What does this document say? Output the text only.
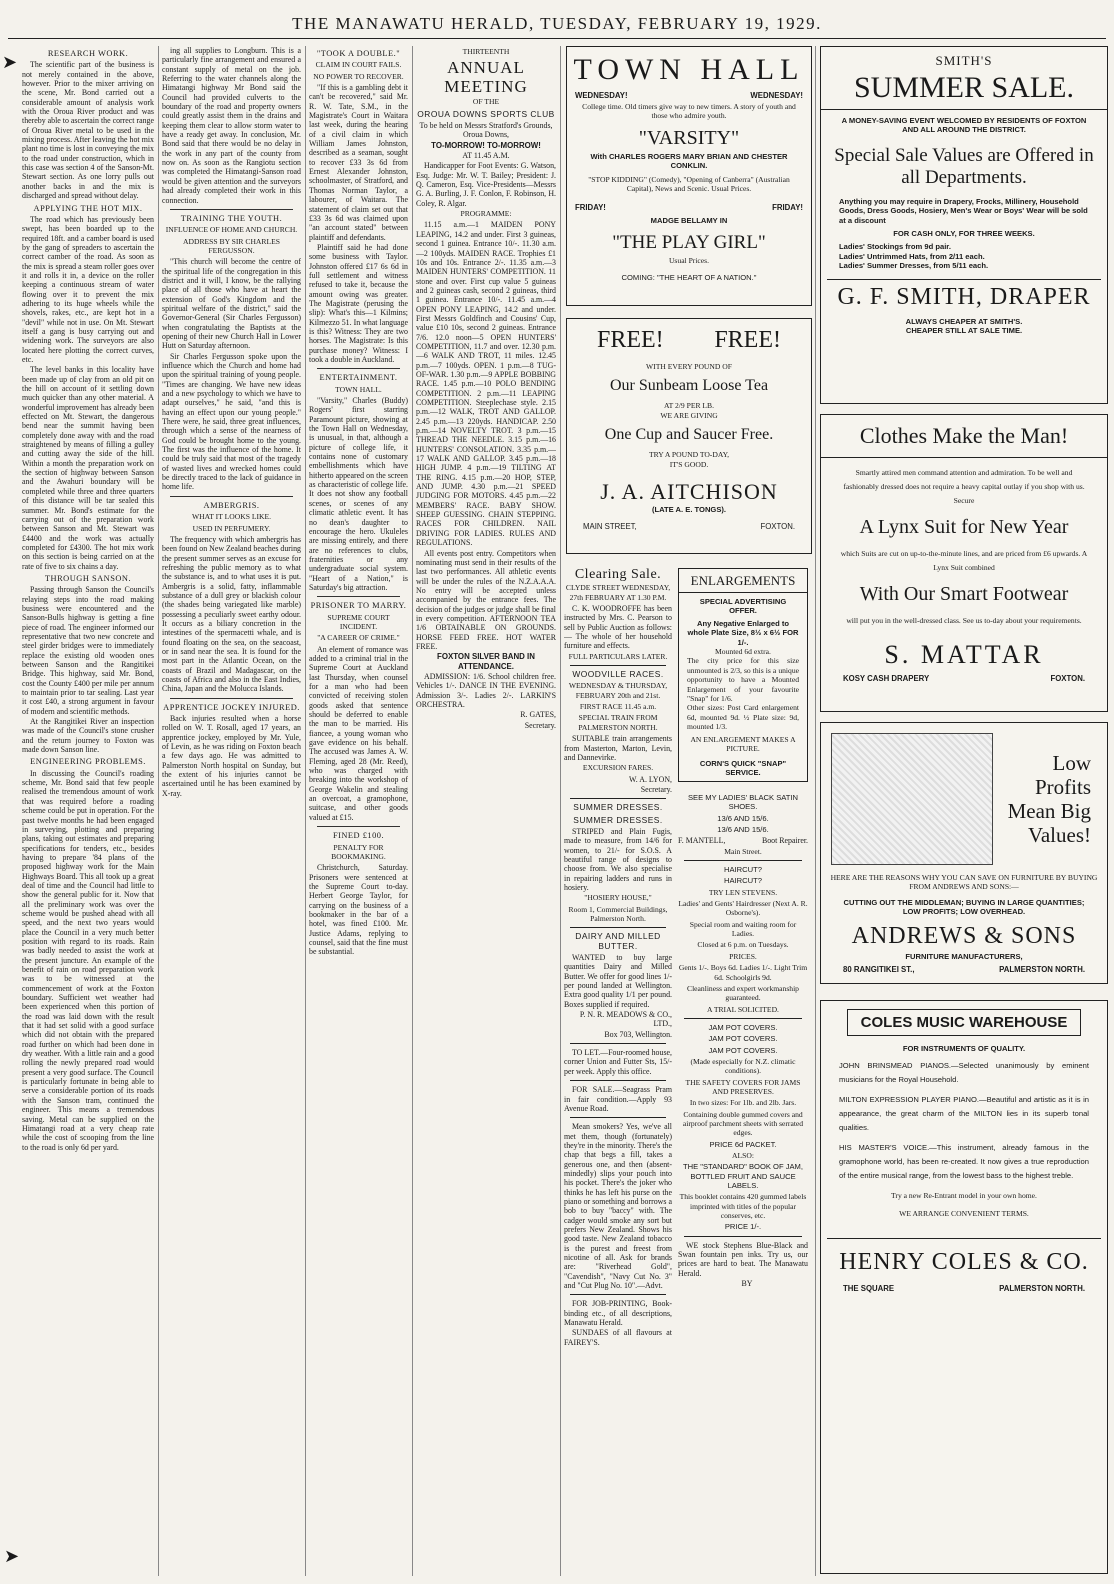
THE MANAWATU HERALD, TUESDAY, FEBRUARY 19, 1929.
➤
➤
RESEARCH WORK.

The scientific part of the business is not merely contained in the above, however. Prior to the mixer arriving on the scene, Mr. Bond carried out a considerable amount of analysis work with the Oroua River product and was thereby able to ascertain the correct range of Oroua River metal to be used in the mixing process. After leaving the hot mix plant no time is lost in conveying the mix to the road under construction, which in this case was section 4 of the Sanson-Mt. Stewart section. As one lorry pulls out another backs in and the mix is discharged and spread without delay.

APPLYING THE HOT MIX.

The road which has previously been swept, has been boarded up to the required 18ft. and a camber board is used by the gang of spreaders to ascertain the correct camber of the road. As soon as the mix is spread a steam roller goes over it and rolls it in, a device on the roller keeping a continuous stream of water flowing over it to prevent the mix adhering to its huge wheels while the shovels, rakes, etc., are kept hot in a "devil" while not in use. On Mt. Stewart itself a gang is busy carrying out and widening work. The surveyors are also located here plotting the correct curves, etc.

The level banks in this locality have been made up of clay from an old pit on the hill on account of it settling down much quicker than any other material. A wonderful improvement has already been effected on Mt. Stewart, the dangerous bend near the summit having been completely done away with and the road straightened by means of filling a gulley and cutting away the side of the hill. Within a month the preparation work on the section of highway between Sanson and the Awahuri boundary will be completed while three and three quarters of this distance will be tar sealed this summer. Mr. Bond's estimate for the carrying out of the preparation work between Sanson and Mt. Stewart was £4400 and the work was actually completed for £4300. The hot mix work on this section is being carried on at the rate of five to six chains a day.

THROUGH SANSON.

Passing through Sanson the Council's relaying steps into the road making business were encountered and the Sanson-Bulls highway is getting a fine piece of road. The engineer informed our representative that two new concrete and steel girder bridges were to immediately replace the existing old wooden ones between Sanson and the Rangitikei Bridge. This highway, said Mr. Bond, cost the County £400 per mile per annum to maintain prior to tar sealing. Last year it cost £40, a strong argument in favour of modern and scientific methods.

At the Rangitikei River an inspection was made of the Council's stone crusher and the return journey to Foxton was made down Sanson line.

ENGINEERING PROBLEMS.

In discussing the Council's roading scheme, Mr. Bond said that few people realised the tremendous amount of work that was required before a roading scheme could be put in operation. For the past twelve months he had been engaged in surveying, plotting and preparing plans, taking out estimates and preparing specifications for tenders, etc., besides having to prepare '84 plans of the proposed highway work for the Main Highways Board. This all took up a great deal of time and the Council had little to show the general public for it. Now that all the preliminary work was over the scheme would be pushed ahead with all speed, and the next two years would place the Council in a very much better position with regard to its roads. Rain was badly needed to assist the work at the present juncture. An example of the benefit of rain on road preparation work was to be witnessed at the commencement of work at the Foxton boundary. Sufficient wet weather had been experienced when this portion of the road was laid down with the result that it had set solid with a good surface which did not obtain with the prepared road further on which had been done in dry weather. With a little rain and a good rolling the newly prepared road would present a very good surface. The Council is particularly fortunate in being able to serve a considerable portion of its roads with the Sanson tram, continued the engineer. This means a tremendous saving. Metal can be supplied on the Himatangi road at a very cheap rate while the cost of scooping from the line to the road is only 6d per yard.

ing all supplies to Longburn. This is a particularly fine arrangement and ensured a constant supply of metal on the job. Referring to the water channels along the Himatangi highway Mr Bond said the Council had provided culverts to the boundary of the road and property owners could greatly assist them in the drains and keeping them clear to allow storm water to have a ready get away. In conclusion, Mr. Bond said that there would be no delay in the work in any part of the county from now on. As soon as the Rangiotu section was completed the Himatangi-Sanson road would be given attention and the surveyors had already completed their work in this connection.

TRAINING THE YOUTH.
INFLUENCE OF HOME AND CHURCH.
ADDRESS BY SIR CHARLES FERGUSSON.

"This church will become the centre of the spiritual life of the congregation in this district and it will, I know, be the rallying place of all those who have at heart the extension of God's Kingdom and the spiritual welfare of the district," said the Governor-General (Sir Charles Fergusson) when congratulating the Baptists at the opening of their new Church Hall in Lower Hutt on Saturday afternoon.

Sir Charles Fergusson spoke upon the influence which the Church and home had upon the spiritual training of young people. "Times are changing. We have new ideas and a new psychology to which we have to adapt ourselves," he said, "and this is having an effect upon our young people." There were, he said, three great influences, through which a sense of the nearness of God could be brought home to the young. The first was the influence of the home. It could be truly said that most of the tragedy of wasted lives and wrecked homes could be directly traced to the lack of guidance in home life.

AMBERGRIS.
WHAT IT LOOKS LIKE.
USED IN PERFUMERY.

The frequency with which ambergris has been found on New Zealand beaches during the present summer serves as an excuse for refreshing the public memory as to what the substance is, and to what uses it is put. Ambergris is a solid, fatty, inflammable substance of a dull grey or blackish colour (the shades being variegated like marble) possessing a peculiarly sweet earthy odour. It occurs as a biliary concretion in the intestines of the spermacetti whale, and is found floating on the sea, on the seacoast, or in sand near the sea. It is found for the most part in the Atlantic Ocean, on the coasts of Brazil and Madagascar, on the coasts of Africa and also in the East Indies, China, Japan and the Molucca Islands.

APPRENTICE JOCKEY INJURED.

Back injuries resulted when a horse rolled on W. T. Rosall, aged 17 years, an apprentice jockey, employed by Mr. Yule, of Levin, as he was riding on Foxton beach a few days ago. He was admitted to Palmerston North hospital on Sunday, but the extent of his injuries cannot be ascertained until he has been examined by X-ray.

"TOOK A DOUBLE."
CLAIM IN COURT FAILS.
NO POWER TO RECOVER.

"If this is a gambling debt it can't be recovered," said Mr. R. W. Tate, S.M., in the Magistrate's Court in Waitara last week, during the hearing of a civil claim in which William James Johnston, described as a seaman, sought to recover £33 3s 6d from Ernest Alexander Johnston, schoolmaster, of Stratford, and Thomas Norman Taylor, a labourer, of Waitara. The statement of claim set out that £33 3s 6d was claimed upon "an account stated" between plaintiff and defendants.

Plaintiff said he had done some business with Taylor. Johnston offered £17 6s 6d in full settlement and witness refused to take it, because the amount owing was greater. The Magistrate (perusing the slip): What's this—1 Kilmins; Kilmezzo 51. In what language is this? Witness: They are two horses. The Magistrate: Is this purchase money? Witness: I took a double in Auckland.

ENTERTAINMENT.
TOWN HALL.

"Varsity," Charles (Buddy) Rogers' first starring Paramount picture, showing at the Town Hall on Wednesday, is unusual, in that, although a picture of college life, it contains none of customary embellishments which have hitherto appeared on the screen as characteristic of college life. It does not show any football scenes, or scenes of any climatic athletic event. It has no dean's daughter to encourage the hero. Ukuleles are missing entirely, and there are no references to clubs, fraternities or any undergraduate social system. "Heart of a Nation," is Saturday's big attraction.

PRISONER TO MARRY.
SUPREME COURT INCIDENT.
"A CAREER OF CRIME."

An element of romance was added to a criminal trial in the Supreme Court at Auckland last Thursday, when counsel for a man who had been convicted of receiving stolen goods asked that sentence should be deferred to enable the man to be married. His fiancee, a young woman who gave evidence on his behalf. The accused was James A. W. Fleming, aged 28 (Mr. Reed), who was charged with breaking into the workshop of George Wakelin and stealing an overcoat, a gramophone, suitcase, and other goods valued at £15.

FINED £100.
PENALTY FOR BOOKMAKING.

Christchurch, Saturday. Prisoners were sentenced at the Supreme Court to-day. Herbert George Taylor, for carrying on the business of a bookmaker in the bar of a hotel, was fined £100. Mr. Justice Adams, replying to counsel, said that the fine must be substantial.

THIRTEENTH
ANNUAL MEETING
OF THE
OROUA DOWNS SPORTS CLUB

To be held on Messrs Stratford's Grounds, Oroua Downs,

TO-MORROW! TO-MORROW!

AT 11.45 A.M.

Handicapper for Foot Events: G. Watson, Esq. Judge: Mr. W. T. Bailey; President: J. Q. Cameron, Esq. Vice-Presidents—Messrs G. A. Burling, J. F. Conlon, F. Robinson, H. Coley, R. Algar.

PROGRAMME:

11.15 a.m.—1 MAIDEN PONY LEAPING, 14.2 and under. First 3 guineas, second 1 guinea. Entrance 10/-. 11.30 a.m.—2 100yds. MAIDEN RACE. Trophies £1 10s and 10s. Entrance 2/-. 11.35 a.m.—3 MAIDEN HUNTERS' COMPETITION. 11 stone and over. First cup value 5 guineas and 2 guineas cash, second 2 guineas, third 1 guinea. Entrance 10/-. 11.45 a.m.—4 OPEN PONY LEAPING, 14.2 and under. First Messrs Goldfinch and Cousins' Cup, value £10 10s, second 2 guineas. Entrance 7/6. 12.0 noon—5 OPEN HUNTERS' COMPETITION, 11.7 and over. 12.30 p.m.—6 WALK AND TROT, 11 miles. 12.45 p.m.—7 100yds. OPEN. 1 p.m.—8 TUG-OF-WAR. 1.30 p.m.—9 APPLE BOBBING RACE. 1.45 p.m.—10 POLO BENDING COMPETITION. 2 p.m.—11 LEAPING COMPETITION. Steeplechase style. 2.15 p.m.—12 WALK, TROT AND GALLOP. 2.45 p.m.—13 220yds. HANDICAP. 2.50 p.m.—14 NOVELTY TROT. 3 p.m.—15 THREAD THE NEEDLE. 3.15 p.m.—16 HUNTERS' CONSOLATION. 3.35 p.m.—17 WALK AND GALLOP. 3.45 p.m.—18 HIGH JUMP. 4 p.m.—19 TILTING AT THE RING. 4.15 p.m.—20 HOP, STEP, AND JUMP. 4.30 p.m.—21 SPEED JUDGING FOR MOTORS. 4.45 p.m.—22 MEMBERS' RACE. BABY SHOW. SHEEP GUESSING. CHAIN STEPPING. RACES FOR CHILDREN. NAIL DRIVING FOR LADIES. RULES AND REGULATIONS.

All events post entry. Competitors when nominating must send in their results of the last two performances. All athletic events will be under the rules of the N.Z.A.A.A. No entry will be accepted unless accompanied by the entrance fees. The decision of the judges or judge shall be final in every competition. AFTERNOON TEA 1/6 OBTAINABLE ON GROUNDS. HORSE FEED FREE. HOT WATER FREE.

FOXTON SILVER BAND IN ATTENDANCE.

ADMISSION: 1/6. School children free. Vehicles 1/-. DANCE IN THE EVENING. Admission 3/-. Ladies 2/-. LARKIN'S ORCHESTRA.

R. GATES,

Secretary.

TOWN HALL
WEDNESDAY!	WEDNESDAY!
College time. Old timers give way to new timers. A story of youth and those who admire youth.
"VARSITY"
With CHARLES ROGERS MARY BRIAN AND CHESTER CONKLIN.
"STOP KIDDING" (Comedy), "Opening of Canberra" (Australian Capital), News and Scenic. Usual Prices.
FRIDAY!	FRIDAY!
MADGE BELLAMY IN
"THE PLAY GIRL"
Usual Prices.
COMING: "THE HEART OF A NATION."
FREE! FREE!
WITH EVERY POUND OF
Our Sunbeam Loose Tea
AT 2/9 PER LB.
WE ARE GIVING
One Cup and Saucer Free.
TRY A POUND TO-DAY,
IT'S GOOD.
J. A. AITCHISON
(LATE A. E. TONGS).
MAIN STREET,	FOXTON.
Clearing Sale.
CLYDE STREET WEDNESDAY, 27th FEBRUARY AT 1.30 P.M.

C. K. WOODROFFE has been instructed by Mrs. C. Pearson to sell by Public Auction as follows:— The whole of her household furniture and effects.

FULL PARTICULARS LATER.
WOODVILLE RACES.
WEDNESDAY & THURSDAY, FEBRUARY 20th and 21st.
FIRST RACE 11.45 a.m.
SPECIAL TRAIN FROM PALMERSTON NORTH.

SUITABLE train arrangements from Masterton, Marton, Levin, and Dannevirke.

EXCURSION FARES.

W. A. LYON,

Secretary.

SUMMER DRESSES.
SUMMER DRESSES.

STRIPED and Plain Fugis, made to measure, from 14/6 for women, to 21/- for S.O.S. A beautiful range of designs to choose from. We also specialise in repairing ladders and runs in hosiery.

"HOSIERY HOUSE,"
Room 1, Commercial Buildings, Palmerston North.
DAIRY AND MILLED BUTTER.

WANTED to buy large quantities Dairy and Milled Butter. We offer for good lines 1/- per pound landed at Wellington. Extra good quality 1/1 per pound. Boxes supplied if required.

P. N. R. MEADOWS & CO., LTD.,

Box 703, Wellington.

TO LET.—Four-roomed house, corner Union and Futter Sts, 15/- per week. Apply this office.

FOR SALE.—Seagrass Pram in fair condition.—Apply 93 Avenue Road.

Mean smokers? Yes, we've all met them, though (fortunately) they're in the minority. There's the chap that begs a fill, takes a generous one, and then (absent-mindedly) slips your pouch into his pocket. There's the joker who thinks he has left his purse on the piano or something and borrows a bob to buy "baccy" with. The cadger would smoke any sort but prefers New Zealand. Shows his good taste. New Zealand tobacco is the purest and freest from nicotine of all. Ask for brands are: "Riverhead Gold", "Cavendish", "Navy Cut No. 3" and "Cut Plug No. 10".—Advt.

FOR JOB-PRINTING, Book-binding etc., of all descriptions, Manawatu Herald.

SUNDAES of all flavours at FAIREY'S.

ENLARGEMENTS
SPECIAL ADVERTISING OFFER.
Any Negative Enlarged to whole Plate Size, 8½ x 6½ FOR 1/-.
Mounted 6d extra.
The city price for this size unmounted is 2/3, so this is a unique opportunity to have a Mounted Enlargement of your favourite "Snap" for 1/6.
Other sizes: Post Card enlargement 6d, mounted 9d. ½ Plate size: 9d, mounted 1/3.
AN ENLARGEMENT MAKES A PICTURE.
CORN'S QUICK "SNAP" SERVICE.
SEE MY LADIES' BLACK SATIN SHOES.
13/6 AND 15/6.
13/6 AND 15/6.
F. MANTELL,	Boot Repairer.
Main Street.
HAIRCUT?
HAIRCUT?
TRY LEN STEVENS.
Ladies' and Gents' Hairdresser (Next A. R. Osborne's).
Special room and waiting room for Ladies.
Closed at 6 p.m. on Tuesdays.
PRICES.
Gents 1/-. Boys 6d. Ladies 1/-. Light Trim 6d. Schoolgirls 9d.
Cleanliness and expert workmanship guaranteed.
A TRIAL SOLICITED.
JAM POT COVERS.
JAM POT COVERS.
JAM POT COVERS.
(Made especially for N.Z. climatic conditions).
THE SAFETY COVERS FOR JAMS AND PRESERVES.
In two sizes: For 1lb. and 2lb. Jars.
Containing double gummed covers and airproof parchment sheets with serrated edges.
PRICE 6d PACKET.
ALSO:
THE "STANDARD" BOOK OF JAM, BOTTLED FRUIT AND SAUCE LABELS.
This booklet contains 420 gummed labels imprinted with titles of the popular conserves, etc.
PRICE 1/-.

WE stock Stephens Blue-Black and Swan fountain pen inks. Try us, our prices are hard to beat. The Manawatu Herald.

BY

SMITH'S
SUMMER SALE.
A MONEY-SAVING EVENT WELCOMED BY RESIDENTS OF FOXTON AND ALL AROUND THE DISTRICT.
Special Sale Values are Offered in all Departments.
Anything you may require in Drapery, Frocks, Millinery, Household Goods, Dress Goods, Hosiery, Men's Wear or Boys' Wear will be sold at a discount
FOR CASH ONLY, FOR THREE WEEKS.
Ladies' Stockings from 9d pair.
Ladies' Untrimmed Hats, from 2/11 each.
Ladies' Summer Dresses, from 5/11 each.
G. F. SMITH, DRAPER
ALWAYS CHEAPER AT SMITH'S.
CHEAPER STILL AT SALE TIME.
Clothes Make the Man!
Smartly attired men command attention and admiration. To be well and fashionably dressed does not require a heavy capital outlay if you shop with us. Secure
A Lynx Suit for New Year
which Suits are cut on up-to-the-minute lines, and are priced from £6 upwards. A Lynx Suit combined
With Our Smart Footwear
will put you in the well-dressed class. See us to-day about your requirements.
S. MATTAR
KOSY CASH DRAPERY	FOXTON.
Low
Profits
Mean Big
Values!
HERE ARE THE REASONS WHY YOU CAN SAVE ON FURNITURE BY BUYING FROM ANDREWS AND SONS:—
CUTTING OUT THE MIDDLEMAN; BUYING IN LARGE QUANTITIES; LOW PROFITS; LOW OVERHEAD.
ANDREWS & SONS
FURNITURE MANUFACTURERS,
80 RANGITIKEI ST.,	PALMERSTON NORTH.
COLES MUSIC WAREHOUSE
FOR INSTRUMENTS OF QUALITY.
JOHN BRINSMEAD PIANOS.—Selected unanimously by eminent musicians for the Royal Household.
MILTON EXPRESSION PLAYER PIANO.—Beautiful and artistic as it is in appearance, the great charm of the MILTON lies in its superb tonal qualities.
HIS MASTER'S VOICE.—This instrument, already famous in the gramophone world, has been re-created. It now gives a true reproduction of the entire musical range, from the lowest bass to the highest treble.
Try a new Re-Entrant model in your own home.
WE ARRANGE CONVENIENT TERMS.
HENRY COLES & CO.
THE SQUARE	PALMERSTON NORTH.
